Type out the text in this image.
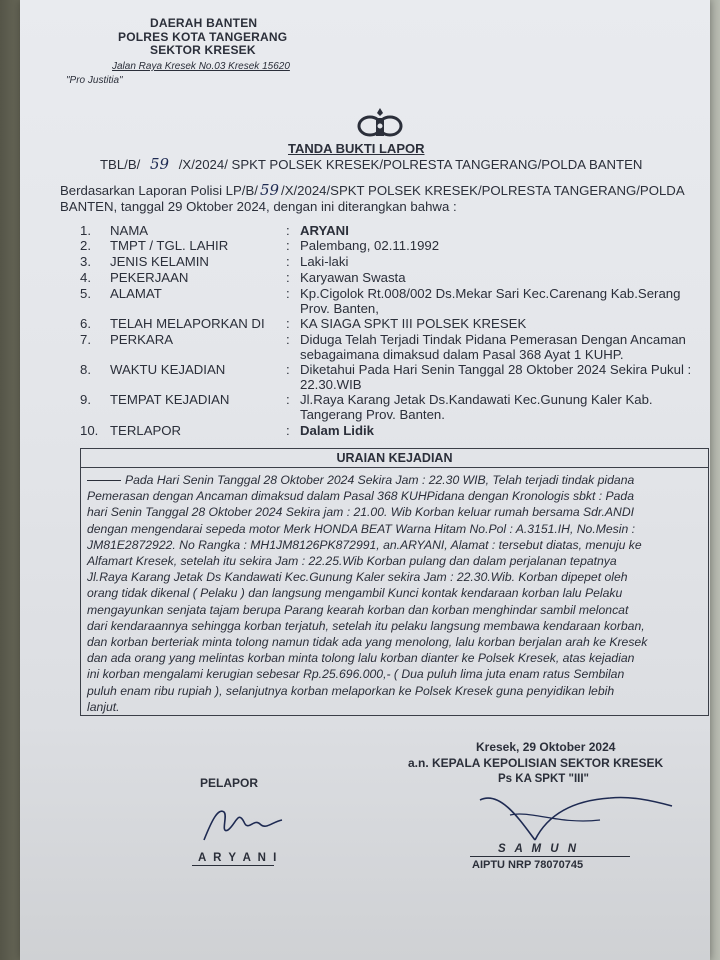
DAERAH BANTEN
POLRES KOTA TANGERANG
SEKTOR KRESEK
Jalan Raya Kresek No.03 Kresek 15620
"Pro Justitia"
TANDA BUKTI LAPOR
TBL/B/ 59 /X/2024/ SPKT POLSEK KRESEK/POLRESTA TANGERANG/POLDA BANTEN
Berdasarkan Laporan Polisi LP/B/ 59 /X/2024/SPKT POLSEK KRESEK/POLRESTA TANGERANG/POLDA
BANTEN, tanggal 29 Oktober 2024, dengan ini diterangkan bahwa :
1. NAMA	: ARYANI
2. TMPT / TGL. LAHIR	: Palembang, 02.11.1992
3. JENIS KELAMIN	: Laki-laki
4. PEKERJAAN	: Karyawan Swasta
5. ALAMAT	: Kp.Cigolok Rt.008/002 Ds.Mekar Sari Kec.Carenang Kab.Serang
Prov. Banten,
6. TELAH MELAPORKAN DI : KA SIAGA SPKT III POLSEK KRESEK
7. PERKARA	: Diduga Telah Terjadi Tindak Pidana Pemerasan Dengan Ancaman
sebagaimana dimaksud dalam Pasal 368 Ayat 1 KUHP.
8. WAKTU KEJADIAN	: Diketahui Pada Hari Senin Tanggal 28 Oktober 2024 Sekira Pukul :
22.30.WIB
9. TEMPAT KEJADIAN	: Jl.Raya Karang Jetak Ds.Kandawati Kec.Gunung Kaler Kab.
Tangerang Prov. Banten.
10. TERLAPOR	: Dalam Lidik
URAIAN KEJADIAN
Pada Hari Senin Tanggal 28 Oktober 2024 Sekira Jam : 22.30 WIB, Telah terjadi tindak pidana
Pemerasan dengan Ancaman dimaksud dalam Pasal 368 KUHPidana dengan Kronologis sbkt : Pada
hari Senin Tanggal 28 Oktober 2024 Sekira jam : 21.00. Wib Korban keluar rumah bersama Sdr.ANDI
dengan mengendarai sepeda motor Merk HONDA BEAT Warna Hitam No.Pol : A.3151.IH, No.Mesin :
JM81E2872922. No Rangka : MH1JM8126PK872991, an.ARYANI, Alamat : tersebut diatas, menuju ke
Alfamart Kresek, setelah itu sekira Jam : 22.25.Wib Korban pulang dan dalam perjalanan tepatnya
Jl.Raya Karang Jetak Ds Kandawati Kec.Gunung Kaler sekira Jam : 22.30.Wib. Korban dipepet oleh
orang tidak dikenal ( Pelaku ) dan langsung mengambil Kunci kontak kendaraan korban lalu Pelaku
mengayunkan senjata tajam berupa Parang kearah korban dan korban menghindar sambil meloncat
dari kendaraannya sehingga korban terjatuh, setelah itu pelaku langsung membawa kendaraan korban,
dan korban berteriak minta tolong namun tidak ada yang menolong, lalu korban berjalan arah ke Kresek
dan ada orang yang melintas korban minta tolong lalu korban dianter ke Polsek Kresek, atas kejadian
ini korban mengalami kerugian sebesar Rp.25.696.000,- ( Dua puluh lima juta enam ratus Sembilan
puluh enam ribu rupiah ), selanjutnya korban melaporkan ke Polsek Kresek guna penyidikan lebih
lanjut.
Kresek, 29 Oktober 2024
a.n. KEPALA KEPOLISIAN SEKTOR KRESEK
Ps KA SPKT "III"
S A M U N
AIPTU NRP 78070745
PELAPOR
A R Y A N I
